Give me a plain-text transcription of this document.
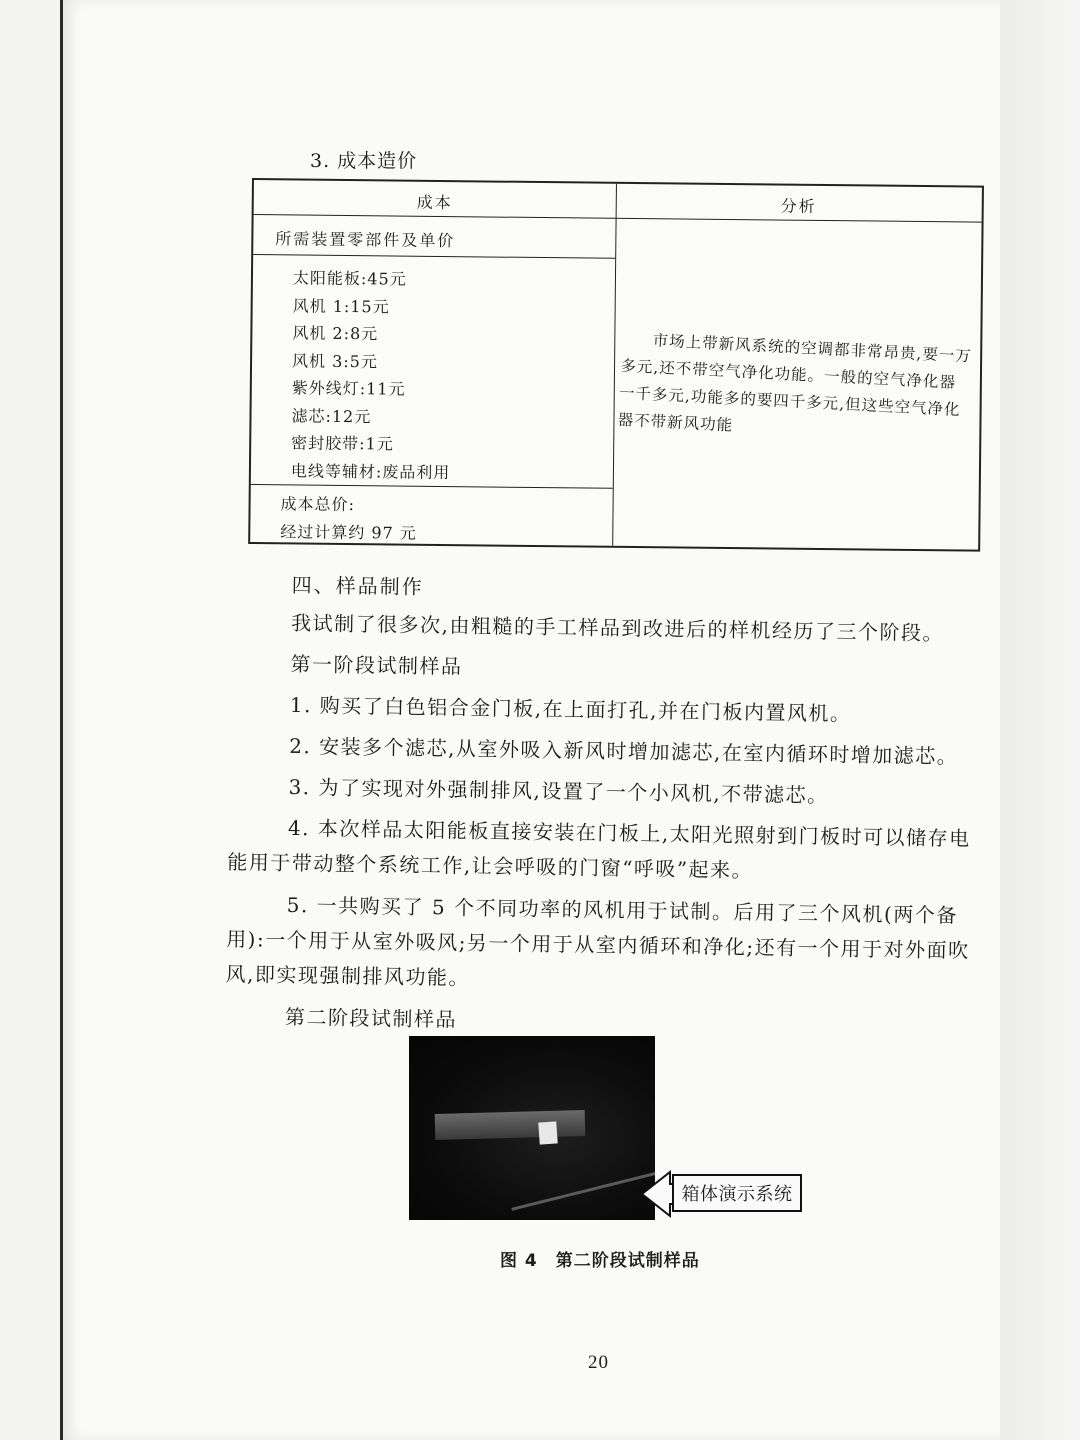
3. 成本造价
成本	分析
所需装置零部件及单价
太阳能板:45元
风机 1:15元
风机 2:8元
风机 3:5元
紫外线灯:11元
滤芯:12元
密封胶带:1元
电线等辅材:废品利用
成本总价:
经过计算约 97 元
市场上带新风系统的空调都非常昂贵,要一万多元,还不带空气净化功能。一般的空气净化器一千多元,功能多的要四千多元,但这些空气净化器不带新风功能
四、样品制作

我试制了很多次,由粗糙的手工样品到改进后的样机经历了三个阶段。

第一阶段试制样品

1. 购买了白色铝合金门板,在上面打孔,并在门板内置风机。

2. 安装多个滤芯,从室外吸入新风时增加滤芯,在室内循环时增加滤芯。

3. 为了实现对外强制排风,设置了一个小风机,不带滤芯。

4. 本次样品太阳能板直接安装在门板上,太阳光照射到门板时可以储存电能用于带动整个系统工作,让会呼吸的门窗“呼吸”起来。

5. 一共购买了 5 个不同功率的风机用于试制。后用了三个风机(两个备用):一个用于从室外吸风;另一个用于从室内循环和净化;还有一个用于对外面吹风,即实现强制排风功能。

第二阶段试制样品

箱体演示系统
图 4　第二阶段试制样品
20
